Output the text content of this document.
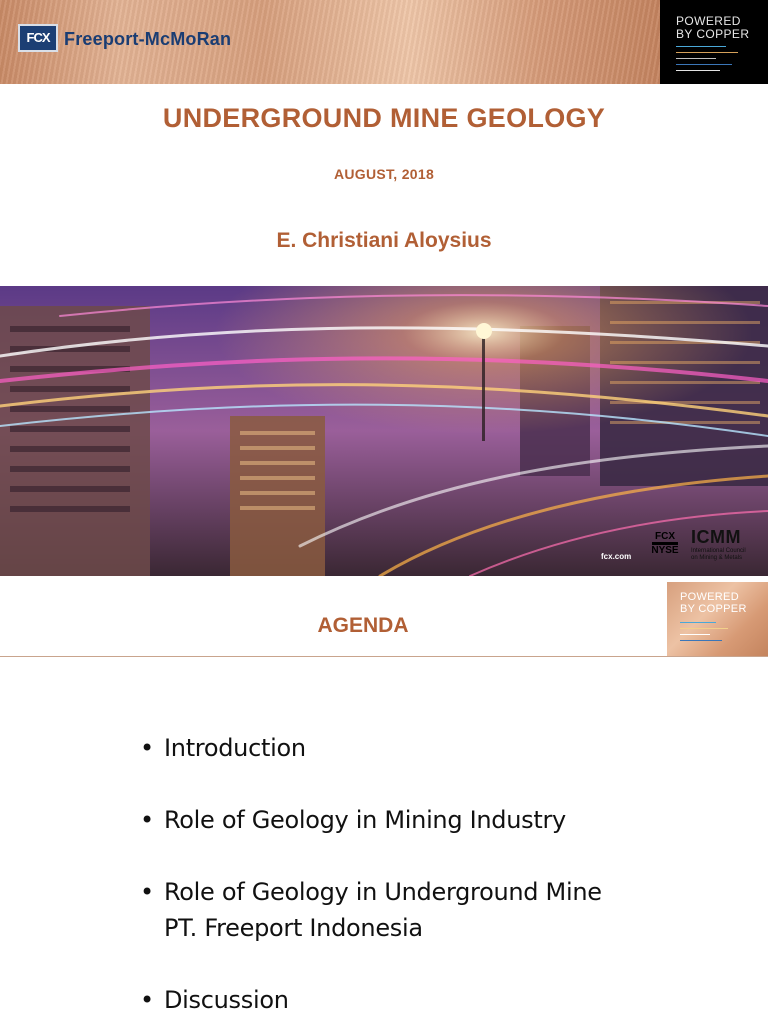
FCX Freeport-McMoRan
POWERED
BY COPPER
UNDERGROUND MINE GEOLOGY
AUGUST, 2018
E. Christiani Aloysius
fcx.com
FCX
NYSE
ICMM
International Council
on Mining & Metals
AGENDA
POWERED
BY COPPER
• Introduction
• Role of Geology in Mining Industry
• Role of Geology in Underground Mine
PT. Freeport Indonesia
• Discussion
